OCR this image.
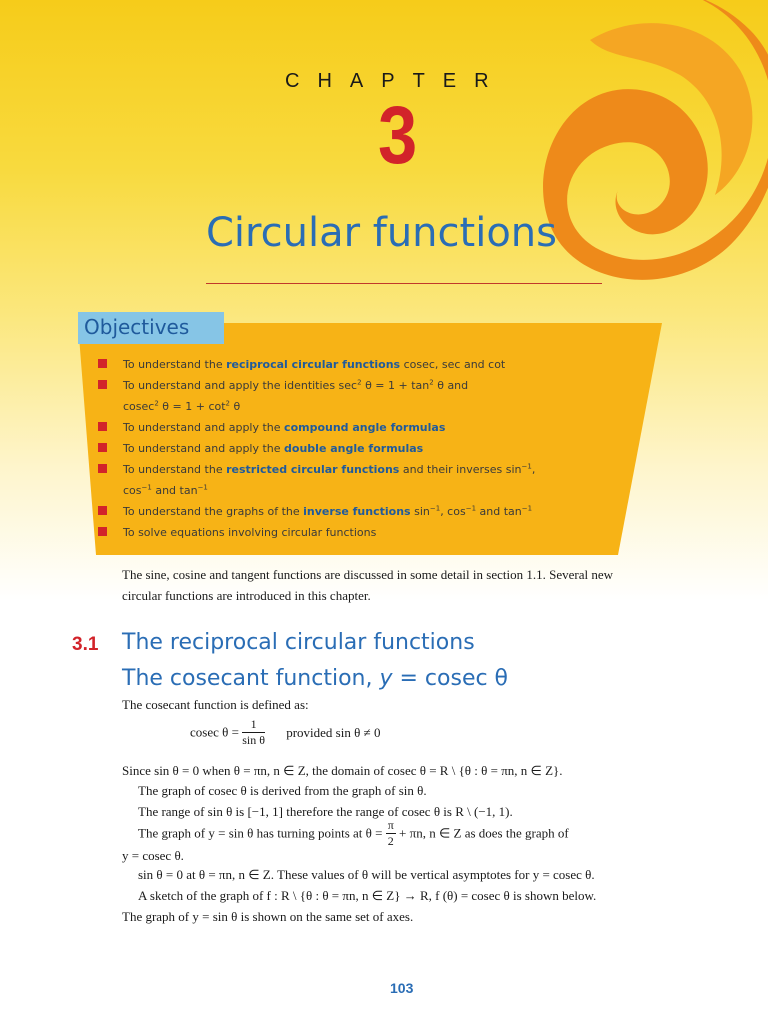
CHAPTER
3
Circular functions
Objectives
To understand the reciprocal circular functions cosec, sec and cot
To understand and apply the identities $\sec^2 \theta = 1 + \tan^2 \theta$ and
cosec$^2$ $\theta = 1 + \cot^2 \theta$
To understand and apply the compound angle formulas
To understand and apply the double angle formulas
To understand the restricted circular functions and their inverses $\sin^{-1}$,
$\cos^{-1}$ and $\tan^{-1}$
To understand the graphs of the inverse functions $\sin^{-1}$, $\cos^{-1}$ and $\tan^{-1}$
To solve equations involving circular functions
The sine, cosine and tangent functions are discussed in some detail in section 1.1. Several new
circular functions are introduced in this chapter.
3.1 The reciprocal circular functions
The cosecant function, y = cosec θ
The cosecant function is defined as:
cosec $\theta = \frac{1}{\text{sin θ}}$ provided sin θ ≠ 0
Since sin θ = 0 when θ = πn, n ∈ Z, the domain of cosec θ = R \ {θ : θ = πn, n ∈ Z}.
The graph of cosec θ is derived from the graph of sin θ.
The range of sin θ is [−1, 1] therefore the range of cosec θ is R \ (−1, 1).
The graph of y = sin θ has turning points at $\theta = \frac{\pi}{2} + \pi n$, n ∈ Z as does the graph of
y = cosec θ.
sin θ = 0 at θ = πn, n ∈ Z. These values of θ will be vertical asymptotes for y = cosec θ.
A sketch of the graph of f : R \ {θ : θ = πn, n ∈ Z} → R, f (θ) = cosec θ is shown below.
The graph of y = sin θ is shown on the same set of axes.
103
